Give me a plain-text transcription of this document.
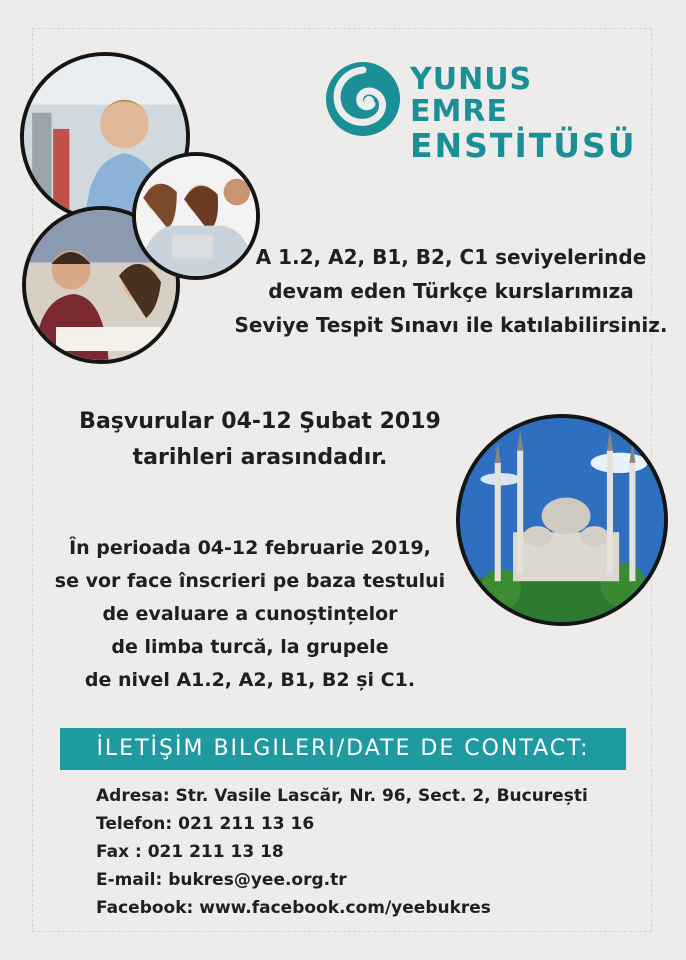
YUNUS EMRE
ENSTİTÜSÜ
A 1.2, A2, B1, B2, C1 seviyelerinde
devam eden Türkçe kurslarımıza
Seviye Tespit Sınavı ile katılabilirsiniz.
Başvurular 04-12 Şubat 2019
tarihleri arasındadır.
În perioada 04-12 februarie 2019,
se vor face înscrieri pe baza testului
de evaluare a cunoștințelor
de limba turcă, la grupele
de nivel A1.2, A2, B1, B2 și C1.
İLETİŞİM BILGILERI/DATE DE CONTACT:
Adresa: Str. Vasile Lascăr, Nr. 96, Sect. 2, București
Telefon: 021 211 13 16
Fax : 021 211 13 18
E-mail: bukres@yee.org.tr
Facebook: www.facebook.com/yeebukres
